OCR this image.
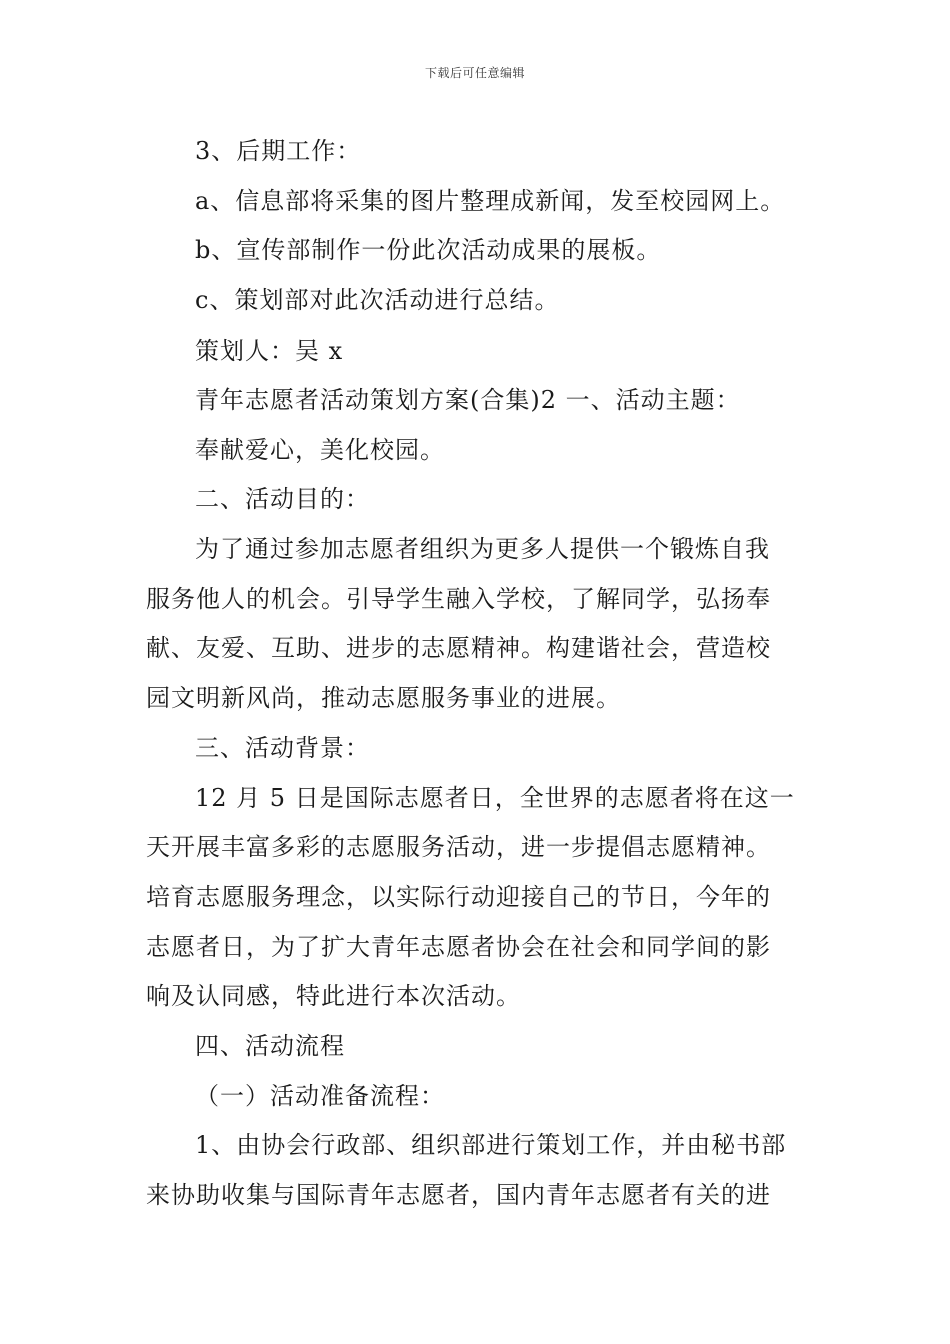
下载后可任意编辑
3、后期工作：
a、信息部将采集的图片整理成新闻，发至校园网上。
b、宣传部制作一份此次活动成果的展板。
c、策划部对此次活动进行总结。
策划人：吴 x
青年志愿者活动策划方案(合集)2 一、活动主题：
奉献爱心，美化校园。
二、活动目的：
为了通过参加志愿者组织为更多人提供一个锻炼自我
服务他人的机会。引导学生融入学校，了解同学，弘扬奉
献、友爱、互助、进步的志愿精神。构建谐社会，营造校
园文明新风尚，推动志愿服务事业的进展。
三、活动背景：
12 月 5 日是国际志愿者日，全世界的志愿者将在这一
天开展丰富多彩的志愿服务活动，进一步提倡志愿精神。
培育志愿服务理念，以实际行动迎接自己的节日，今年的
志愿者日，为了扩大青年志愿者协会在社会和同学间的影
响及认同感，特此进行本次活动。
四、活动流程
（一）活动准备流程：
1、由协会行政部、组织部进行策划工作，并由秘书部
来协助收集与国际青年志愿者，国内青年志愿者有关的进
